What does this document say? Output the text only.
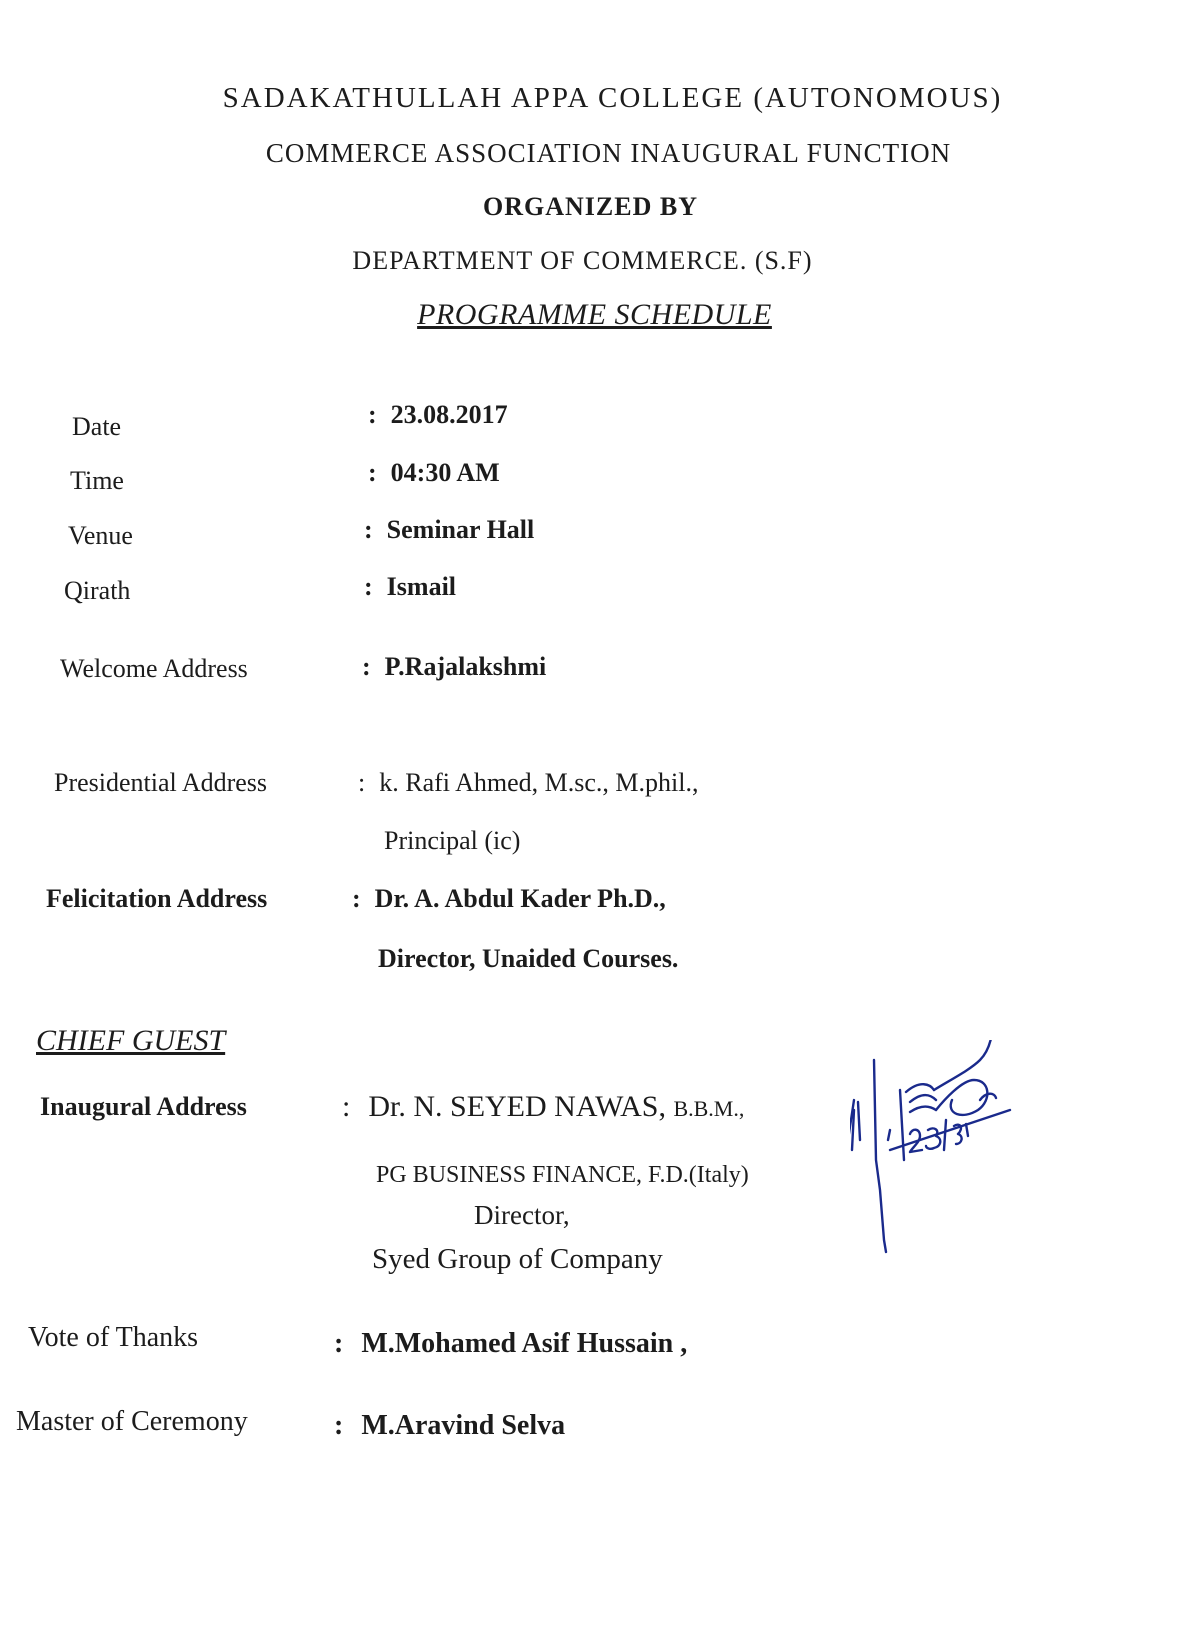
SADAKATHULLAH APPA COLLEGE (AUTONOMOUS)
COMMERCE ASSOCIATION INAUGURAL FUNCTION
ORGANIZED BY
DEPARTMENT OF COMMERCE. (S.F)
PROGRAMME SCHEDULE
Date	: 23.08.2017
Time	: 04:30 AM
Venue	: Seminar Hall
Qirath	: Ismail
Welcome Address	: P.Rajalakshmi
Presidential Address	: k. Rafi Ahmed, M.sc., M.phil.,
Principal (ic)
Felicitation Address	: Dr. A. Abdul Kader Ph.D.,
Director, Unaided Courses.
CHIEF GUEST
Inaugural Address	: Dr. N. SEYED NAWAS, B.B.M.,
PG BUSINESS FINANCE, F.D.(Italy)
Director,
Syed Group of Company
Vote of Thanks	: M.Mohamed Asif Hussain ,
Master of Ceremony	: M.Aravind Selva
